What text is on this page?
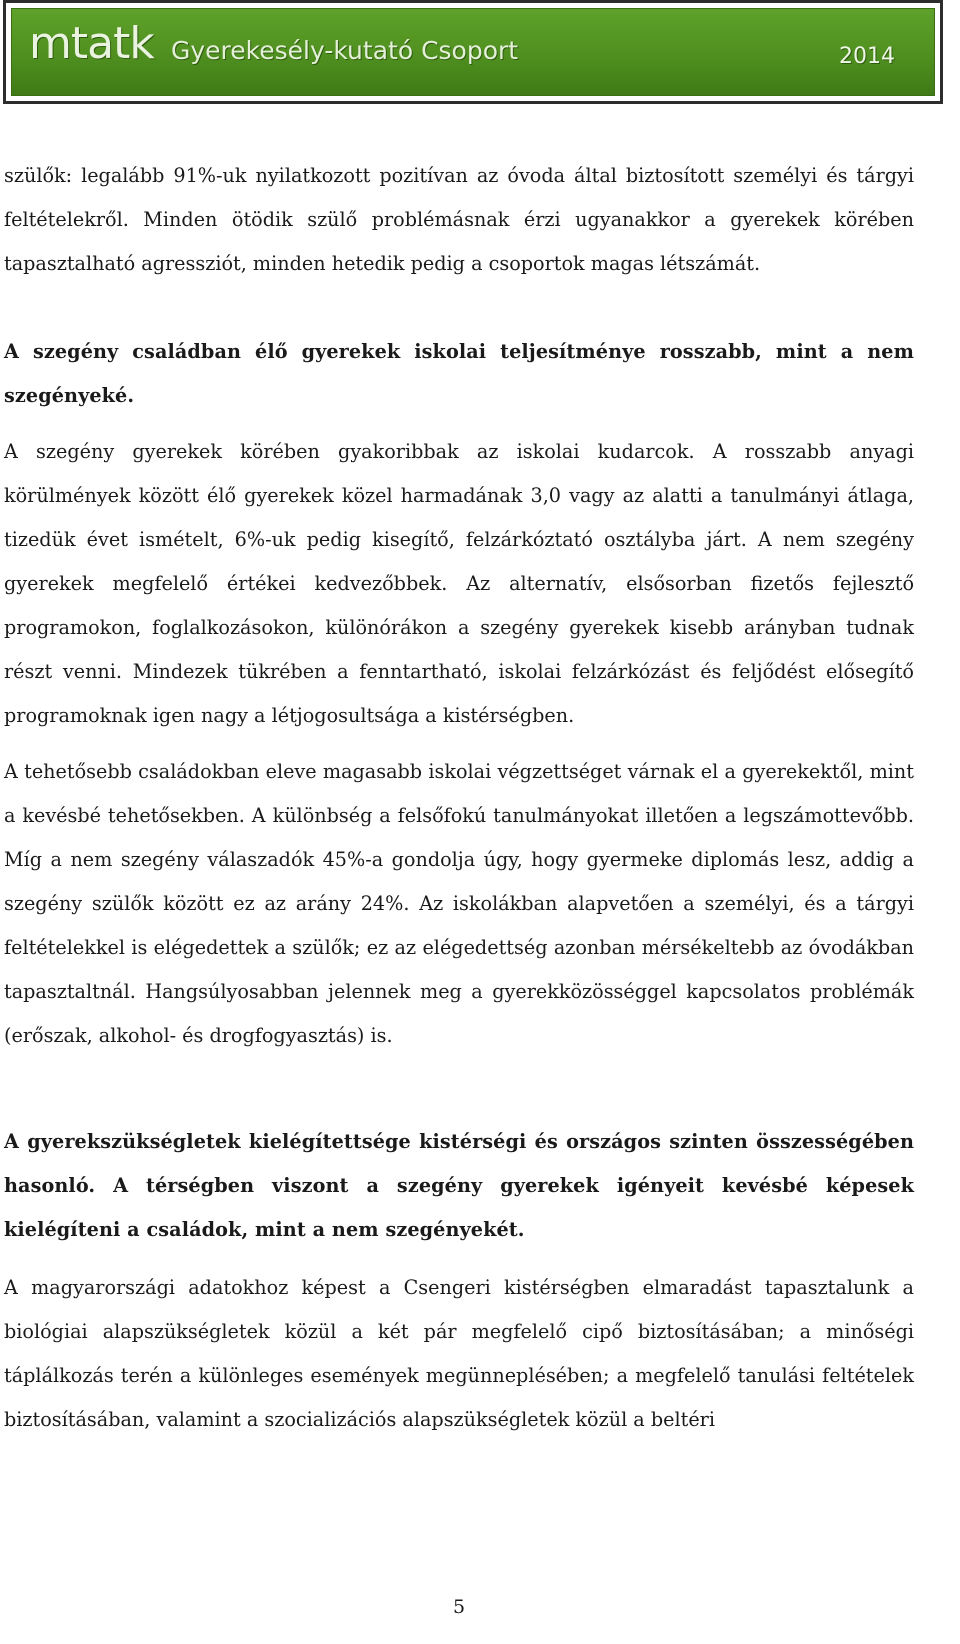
mtatk Gyerekesély-kutató Csoport	2014

szülők: legalább 91%-uk nyilatkozott pozitívan az óvoda által biztosított személyi és tárgyi feltételekről. Minden ötödik szülő problémásnak érzi ugyanakkor a gyerekek körében tapasztalható agressziót, minden hetedik pedig a csoportok magas létszámát.

A szegény családban élő gyerekek iskolai teljesítménye rosszabb, mint a nem szegényeké.

A szegény gyerekek körében gyakoribbak az iskolai kudarcok. A rosszabb anyagi körülmények között élő gyerekek közel harmadának 3,0 vagy az alatti a tanulmányi átlaga, tizedük évet ismételt, 6%-uk pedig kisegítő, felzárkóztató osztályba járt. A nem szegény gyerekek megfelelő értékei kedvezőbbek. Az alternatív, elsősorban fizetős fejlesztő programokon, foglalkozásokon, különórákon a szegény gyerekek kisebb arányban tudnak részt venni. Mindezek tükrében a fenntartható, iskolai felzárkózást és feljődést elősegítő programoknak igen nagy a létjogosultsága a kistérségben.

A tehetősebb családokban eleve magasabb iskolai végzettséget várnak el a gyerekektől, mint a kevésbé tehetősekben. A különbség a felsőfokú tanulmányokat illetően a legszámottevőbb. Míg a nem szegény válaszadók 45%-a gondolja úgy, hogy gyermeke diplomás lesz, addig a szegény szülők között ez az arány 24%. Az iskolákban alapvetően a személyi, és a tárgyi feltételekkel is elégedettek a szülők; ez az elégedettség azonban mérsékeltebb az óvodákban tapasztaltnál. Hangsúlyosabban jelennek meg a gyerekközösséggel kapcsolatos problémák (erőszak, alkohol- és drogfogyasztás) is.

A gyerekszükségletek kielégítettsége kistérségi és országos szinten összességében hasonló. A térségben viszont a szegény gyerekek igényeit kevésbé képesek kielégíteni a családok, mint a nem szegényekét.

A magyarországi adatokhoz képest a Csengeri kistérségben elmaradást tapasztalunk a biológiai alapszükségletek közül a két pár megfelelő cipő biztosításában; a minőségi táplálkozás terén a különleges események megünneplésében; a megfelelő tanulási feltételek biztosításában, valamint a szocializációs alapszükségletek közül a beltéri

5
